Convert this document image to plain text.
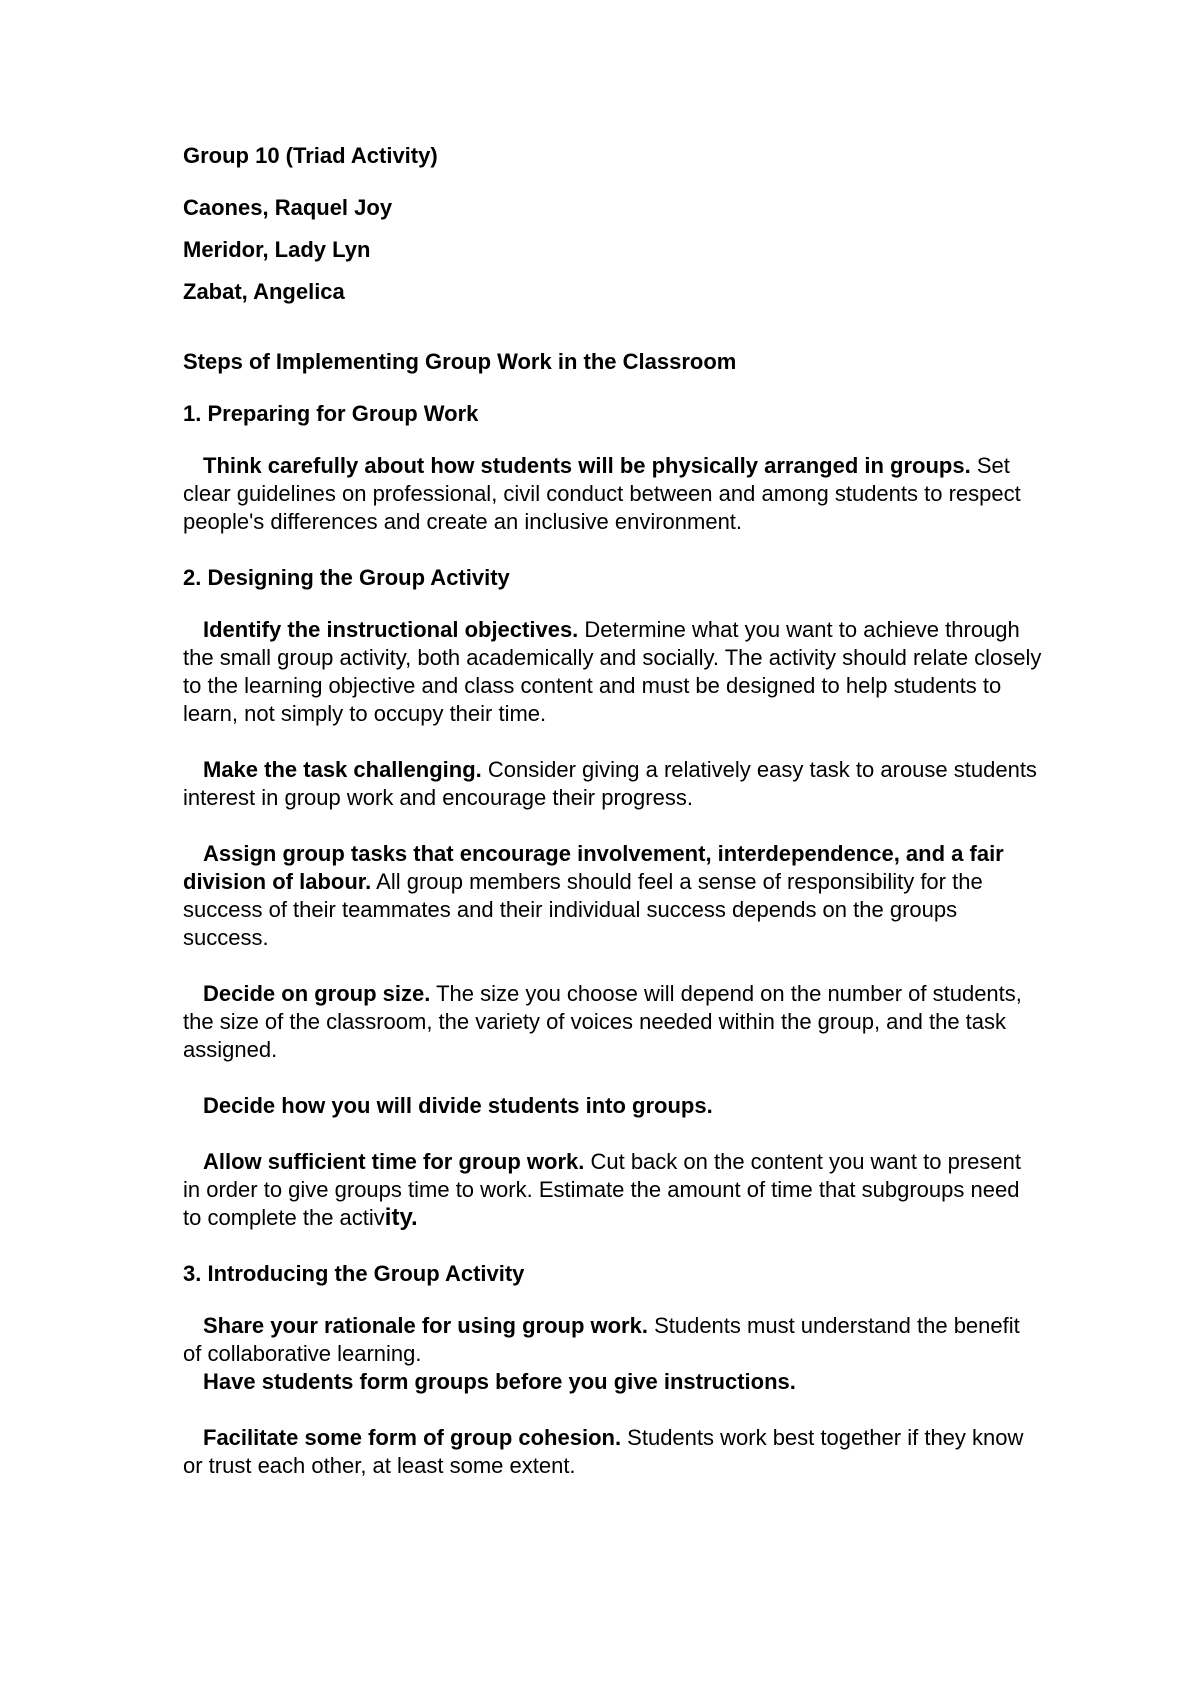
Group 10 (Triad Activity)
Caones, Raquel Joy
Meridor, Lady Lyn
Zabat, Angelica
Steps of Implementing Group Work in the Classroom
1. Preparing for Group Work

Think carefully about how students will be physically arranged in groups. Set clear guidelines on professional, civil conduct between and among students to respect people's differences and create an inclusive environment.

2. Designing the Group Activity

Identify the instructional objectives. Determine what you want to achieve through the small group activity, both academically and socially. The activity should relate closely to the learning objective and class content and must be designed to help students to learn, not simply to occupy their time.

Make the task challenging. Consider giving a relatively easy task to arouse students interest in group work and encourage their progress.

Assign group tasks that encourage involvement, interdependence, and a fair division of labour. All group members should feel a sense of responsibility for the success of their teammates and their individual success depends on the groups success.

Decide on group size. The size you choose will depend on the number of students, the size of the classroom, the variety of voices needed within the group, and the task assigned.

Decide how you will divide students into groups.

Allow sufficient time for group work. Cut back on the content you want to present in order to give groups time to work. Estimate the amount of time that subgroups need to complete the activity.

3. Introducing the Group Activity

Share your rationale for using group work. Students must understand the benefit of collaborative learning.

Have students form groups before you give instructions.

Facilitate some form of group cohesion. Students work best together if they know or trust each other, at least some extent.
